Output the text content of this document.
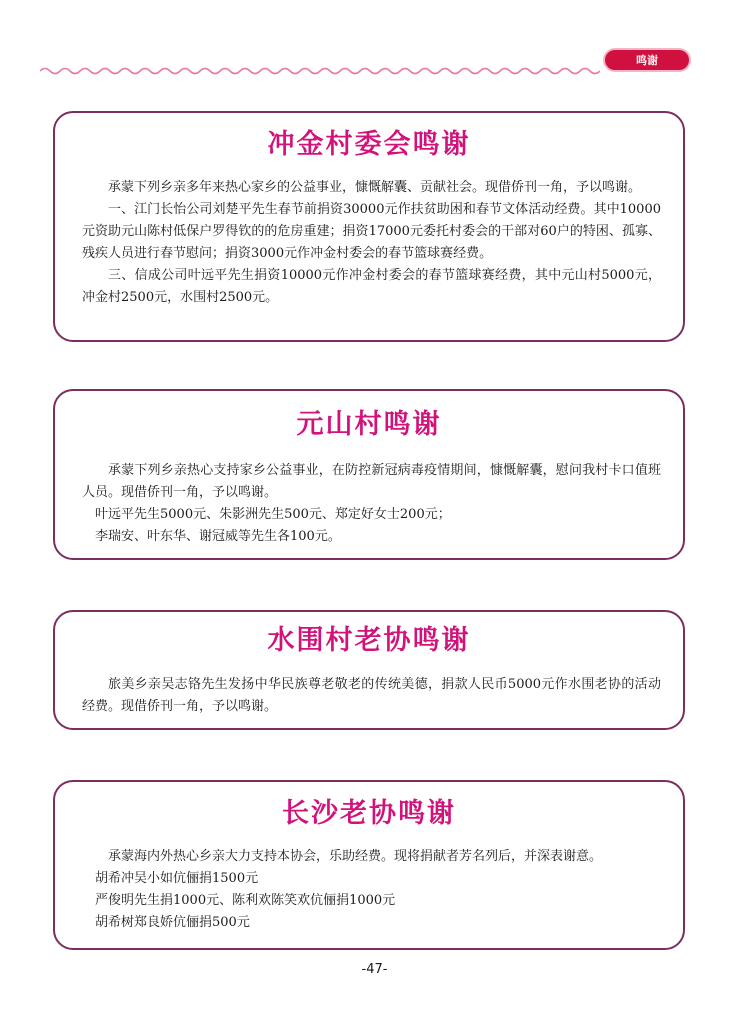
鸣谢
冲金村委会鸣谢

承蒙下列乡亲多年来热心家乡的公益事业，慷慨解囊、贡献社会。现借侨刊一角，予以鸣谢。

一、江门长怡公司刘楚平先生春节前捐资30000元作扶贫助困和春节文体活动经费。其中10000元资助元山陈村低保户罗得钦的的危房重建；捐资17000元委托村委会的干部对60户的特困、孤寡、残疾人员进行春节慰问；捐资3000元作冲金村委会的春节篮球赛经费。

三、信成公司叶远平先生捐资10000元作冲金村委会的春节篮球赛经费，其中元山村5000元，冲金村2500元，水围村2500元。

元山村鸣谢

承蒙下列乡亲热心支持家乡公益事业，在防控新冠病毒疫情期间，慷慨解囊，慰问我村卡口值班人员。现借侨刊一角，予以鸣谢。

叶远平先生5000元、朱影洲先生500元、郑定好女士200元；

李瑞安、叶东华、谢冠威等先生各100元。

水围村老协鸣谢

旅美乡亲吴志铬先生发扬中华民族尊老敬老的传统美德，捐款人民币5000元作水围老协的活动经费。现借侨刊一角，予以鸣谢。

长沙老协鸣谢

承蒙海内外热心乡亲大力支持本协会，乐助经费。现将捐献者芳名列后，并深表谢意。

胡希冲吴小如伉俪捐1500元

严俊明先生捐1000元、陈利欢陈笑欢伉俪捐1000元

胡希树郑良娇伉俪捐500元

-47-
